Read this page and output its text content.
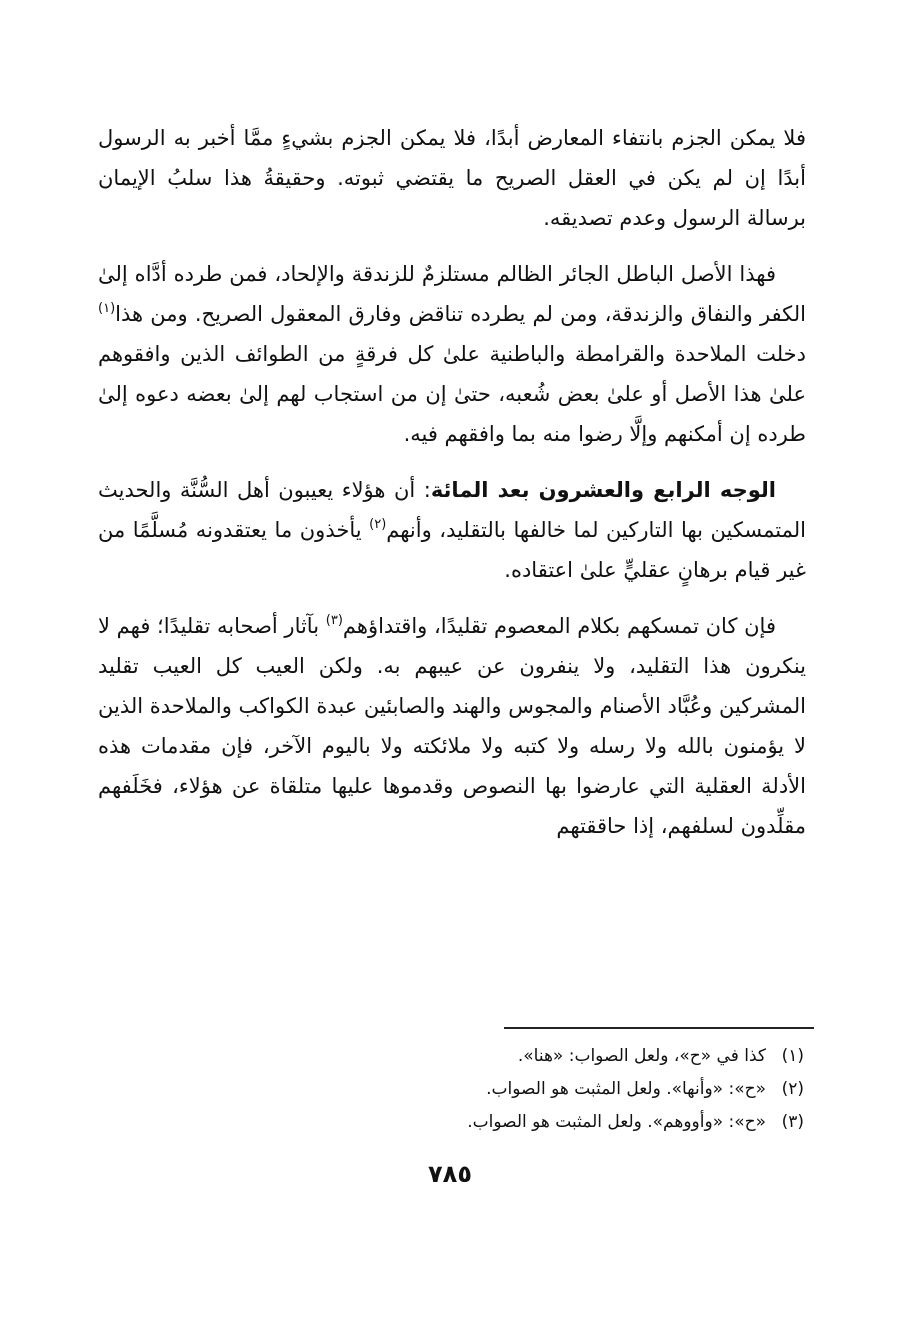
فلا يمكن الجزم بانتفاء المعارض أبدًا، فلا يمكن الجزم بشيءٍ ممَّا أخبر به الرسول أبدًا إن لم يكن في العقل الصريح ما يقتضي ثبوته. وحقيقةُ هذا سلبُ الإيمان برسالة الرسول وعدم تصديقه.

فهذا الأصل الباطل الجائر الظالم مستلزمٌ للزندقة والإلحاد، فمن طرده أدَّاه إلىٰ الكفر والنفاق والزندقة، ومن لم يطرده تناقض وفارق المعقول الصريح. ومن هذا$^{(١)}$ دخلت الملاحدة والقرامطة والباطنية علىٰ كل فرقةٍ من الطوائف الذين وافقوهم علىٰ هذا الأصل أو علىٰ بعض شُعبه، حتىٰ إن من استجاب لهم إلىٰ بعضه دعوه إلىٰ طرده إن أمكنهم وإلَّا رضوا منه بما وافقهم فيه.

الوجه الرابع والعشرون بعد المائة: أن هؤلاء يعيبون أهل السُّنَّة والحديث المتمسكين بها التاركين لما خالفها بالتقليد، وأنهم$^{(٢)}$ يأخذون ما يعتقدونه مُسلَّمًا من غير قيام برهانٍ عقليٍّ علىٰ اعتقاده.

فإن كان تمسكهم بكلام المعصوم تقليدًا، واقتداؤهم$^{(٣)}$ بآثار أصحابه تقليدًا؛ فهم لا ينكرون هذا التقليد، ولا ينفرون عن عيبهم به. ولكن العيب كل العيب تقليد المشركين وعُبَّاد الأصنام والمجوس والهند والصابئين عبدة الكواكب والملاحدة الذين لا يؤمنون بالله ولا رسله ولا كتبه ولا ملائكته ولا باليوم الآخر، فإن مقدمات هذه الأدلة العقلية التي عارضوا بها النصوص وقدموها عليها متلقاة عن هؤلاء، فخَلَفهم مقلِّدون لسلفهم، إذا حاققتهم

(١)كذا في «ح»، ولعل الصواب: «هنا».

(٢)«ح»: «وأنها». ولعل المثبت هو الصواب.

(٣)«ح»: «وأووهم». ولعل المثبت هو الصواب.

٧٨٥
